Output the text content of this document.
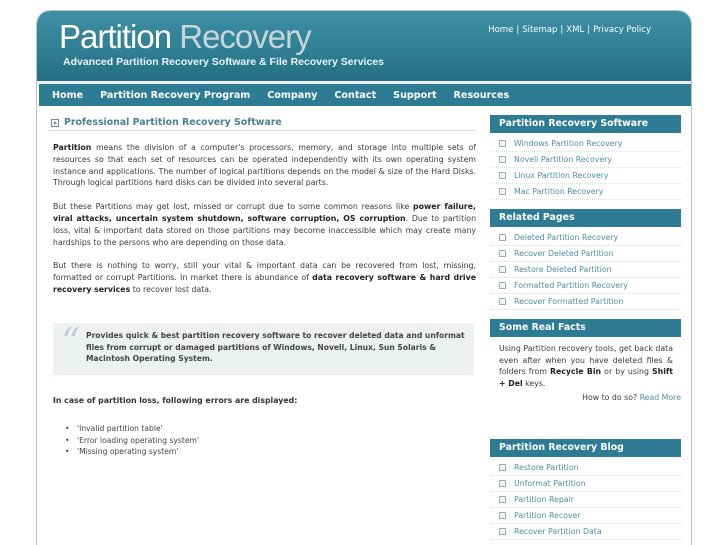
Partition Recovery
Advanced Partition Recovery Software & File Recovery Services
Home | Sitemap | XML | Privacy Policy
Home Partition Recovery Program Company Contact Support Resources
Professional Partition Recovery Software

Partition means the division of a computer's processors, memory, and storage into multiple sets of resources so that each set of resources can be operated independently with its own operating system instance and applications. The number of logical partitions depends on the model & size of the Hard Disks. Through logical partitions hard disks can be divided into several parts.

But these Partitions may get lost, missed or corrupt due to some common reasons like power failure, viral attacks, uncertain system shutdown, software corruption, OS corruption. Due to partition loss, vital & important data stored on those partitions may become inaccessible which may create many hardships to the persons who are depending on those data.

But there is nothing to worry, still your vital & important data can be recovered from lost, missing, formatted or corrupt Partitions. In market there is abundance of data recovery software & hard drive recovery services to recover lost data.

“ Provides quick & best partition recovery software to recover deleted data and unformat files from corrupt or damaged partitions of Windows, Novell, Linux, Sun Solaris & Macintosh Operating System.
In case of partition loss, following errors are displayed:
• 'Invalid partition table'
• 'Error loading operating system'
• 'Missing operating system'
Partition Recovery Software
Windows Partition Recovery
Novell Partition Recovery
Linux Partition Recovery
Mac Partition Recovery
Related Pages
Deleted Partition Recovery
Recover Deleted Partition
Restore Deleted Partition
Formatted Partition Recovery
Recover Formatted Partition
Some Real Facts

Using Partition recovery tools, get back data even after when you have deleted files & folders from Recycle Bin or by using Shift + Del keys.

How to do so? Read More
Partition Recovery Blog
Restore Partition
Unformat Partition
Partition Repair
Partition Recover
Recover Partition Data
